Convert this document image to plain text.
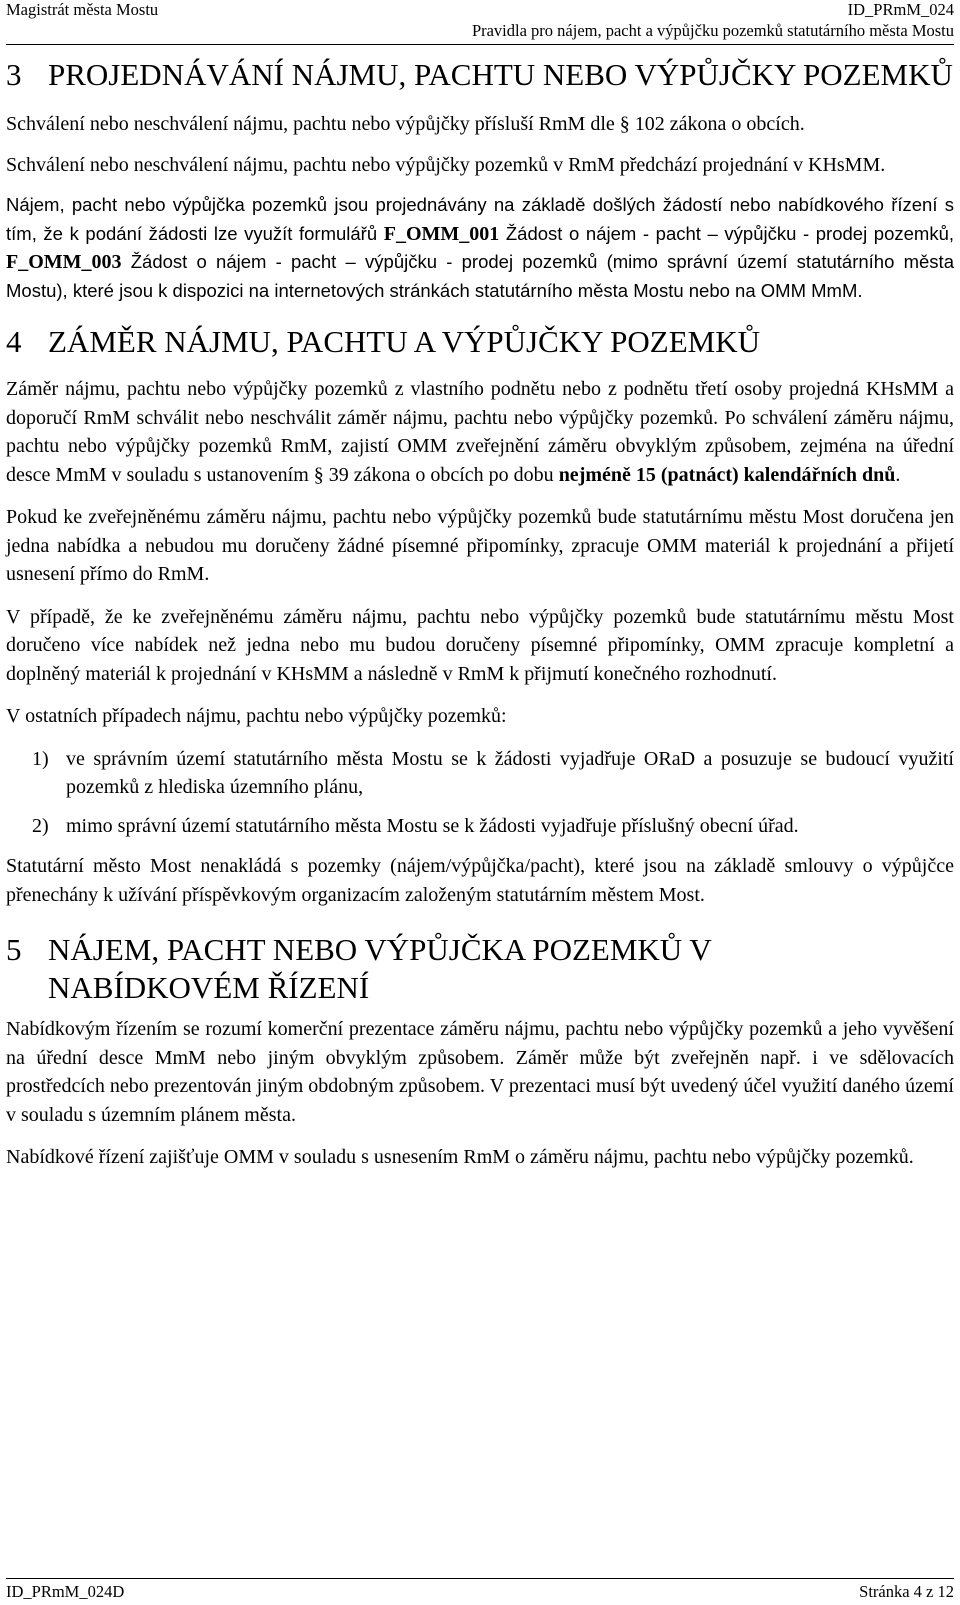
Magistrát města Mostu	ID_PRmM_024
Pravidla pro nájem, pacht a výpůjčku pozemků statutárního města Mostu
3 PROJEDNÁVÁNÍ NÁJMU, PACHTU NEBO VÝPŮJČKY POZEMKŮ

Schválení nebo neschválení nájmu, pachtu nebo výpůjčky přísluší RmM dle § 102 zákona o obcích.

Schválení nebo neschválení nájmu, pachtu nebo výpůjčky pozemků v RmM předchází projednání v KHsMM.

Nájem, pacht nebo výpůjčka pozemků jsou projednávány na základě došlých žádostí nebo nabídkového řízení s tím, že k podání žádosti lze využít formulářů F_OMM_001 Žádost o nájem - pacht – výpůjčku - prodej pozemků, F_OMM_003 Žádost o nájem - pacht – výpůjčku - prodej pozemků (mimo správní území statutárního města Mostu), které jsou k dispozici na internetových stránkách statutárního města Mostu nebo na OMM MmM.

4 ZÁMĚR NÁJMU, PACHTU A VÝPŮJČKY POZEMKŮ

Záměr nájmu, pachtu nebo výpůjčky pozemků z vlastního podnětu nebo z podnětu třetí osoby projedná KHsMM a doporučí RmM schválit nebo neschválit záměr nájmu, pachtu nebo výpůjčky pozemků. Po schválení záměru nájmu, pachtu nebo výpůjčky pozemků RmM, zajistí OMM zveřejnění záměru obvyklým způsobem, zejména na úřední desce MmM v souladu s ustanovením § 39 zákona o obcích po dobu nejméně 15 (patnáct) kalendářních dnů.

Pokud ke zveřejněnému záměru nájmu, pachtu nebo výpůjčky pozemků bude statutárnímu městu Most doručena jen jedna nabídka a nebudou mu doručeny žádné písemné připomínky, zpracuje OMM materiál k projednání a přijetí usnesení přímo do RmM.

V případě, že ke zveřejněnému záměru nájmu, pachtu nebo výpůjčky pozemků bude statutárnímu městu Most doručeno více nabídek než jedna nebo mu budou doručeny písemné připomínky, OMM zpracuje kompletní a doplněný materiál k projednání v KHsMM a následně v RmM k přijmutí konečného rozhodnutí.

V ostatních případech nájmu, pachtu nebo výpůjčky pozemků:

1) ve správním území statutárního města Mostu se k žádosti vyjadřuje ORaD a posuzuje se budoucí využití pozemků z hlediska územního plánu,
2) mimo správní území statutárního města Mostu se k žádosti vyjadřuje příslušný obecní úřad.

Statutární město Most nenakládá s pozemky (nájem/výpůjčka/pacht), které jsou na základě smlouvy o výpůjčce přenechány k užívání příspěvkovým organizacím založeným statutárním městem Most.

5 NÁJEM, PACHT NEBO VÝPŮJČKA POZEMKŮ V NABÍDKOVÉM ŘÍZENÍ

Nabídkovým řízením se rozumí komerční prezentace záměru nájmu, pachtu nebo výpůjčky pozemků a jeho vyvěšení na úřední desce MmM nebo jiným obvyklým způsobem. Záměr může být zveřejněn např. i ve sdělovacích prostředcích nebo prezentován jiným obdobným způsobem. V prezentaci musí být uvedený účel využití daného území v souladu s územním plánem města.

Nabídkové řízení zajišťuje OMM v souladu s usnesením RmM o záměru nájmu, pachtu nebo výpůjčky pozemků.

ID_PRmM_024D	Stránka 4 z 12
